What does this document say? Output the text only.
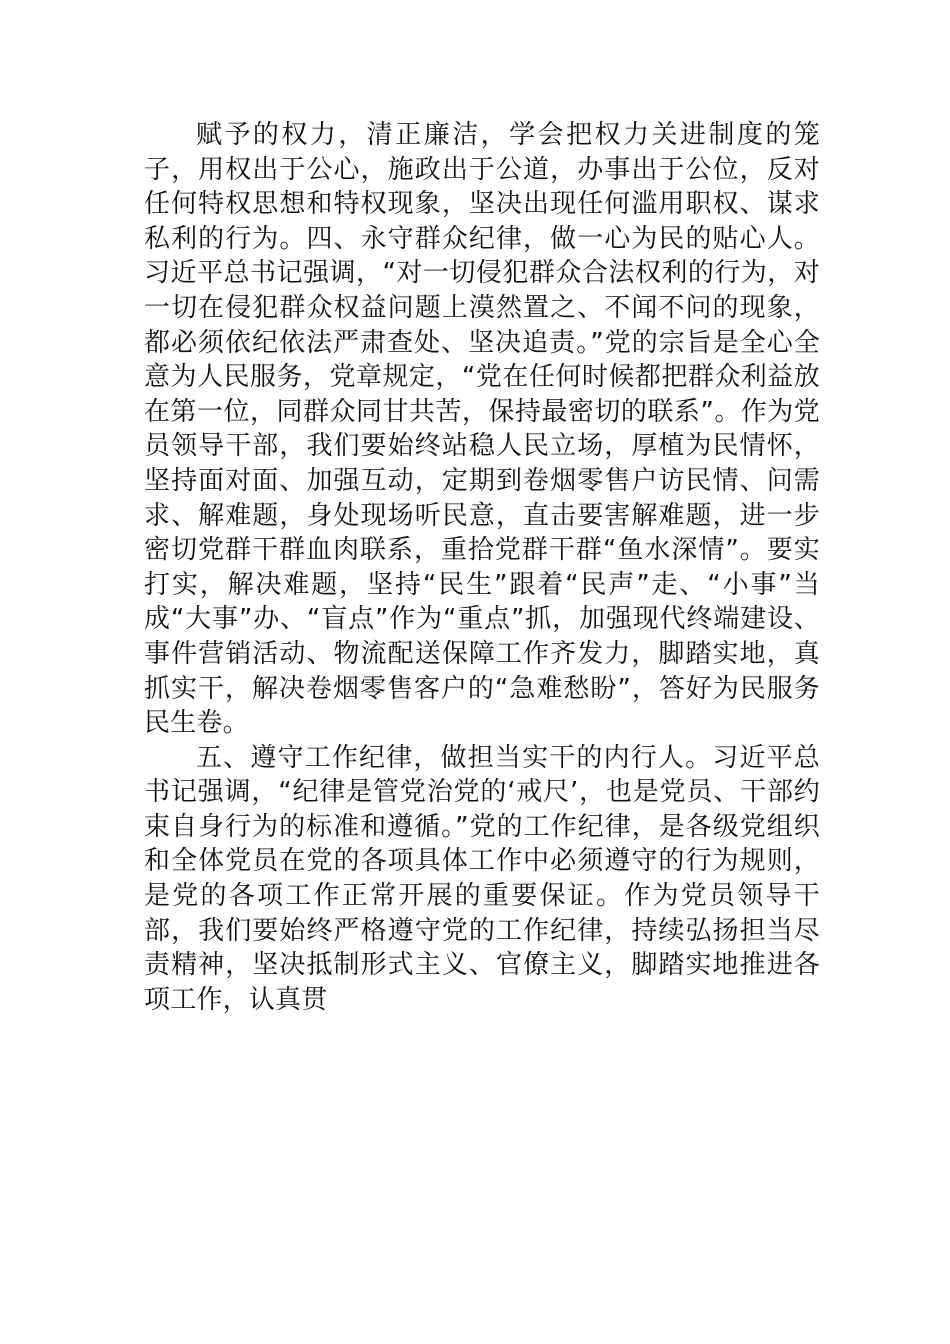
赋予的权力，清正廉洁，学会把权力关进制度的笼子，用权出于公心，施政出于公道，办事出于公位，反对任何特权思想和特权现象，坚决出现任何滥用职权、谋求私利的行为。四、永守群众纪律，做一心为民的贴心人。习近平总书记强调，“对一切侵犯群众合法权利的行为，对一切在侵犯群众权益问题上漠然置之、不闻不问的现象，都必须依纪依法严肃查处、坚决追责。”党的宗旨是全心全意为人民服务，党章规定，“党在任何时候都把群众利益放在第一位，同群众同甘共苦，保持最密切的联系”。作为党员领导干部，我们要始终站稳人民立场，厚植为民情怀，坚持面对面、加强互动，定期到卷烟零售户访民情、问需求、解难题，身处现场听民意，直击要害解难题，进一步密切党群干群血肉联系，重拾党群干群“鱼水深情”。要实打实，解决难题，坚持“民生”跟着“民声”走、“小事”当成“大事”办、“盲点”作为“重点”抓，加强现代终端建设、事件营销活动、物流配送保障工作齐发力，脚踏实地，真抓实干，解决卷烟零售客户的“急难愁盼”，答好为民服务民生卷。

五、遵守工作纪律，做担当实干的内行人。习近平总书记强调，“纪律是管党治党的‘戒尺’，也是党员、干部约束自身行为的标准和遵循。”党的工作纪律，是各级党组织和全体党员在党的各项具体工作中必须遵守的行为规则，是党的各项工作正常开展的重要保证。作为党员领导干部，我们要始终严格遵守党的工作纪律，持续弘扬担当尽责精神，坚决抵制形式主义、官僚主义，脚踏实地推进各项工作，认真贯
